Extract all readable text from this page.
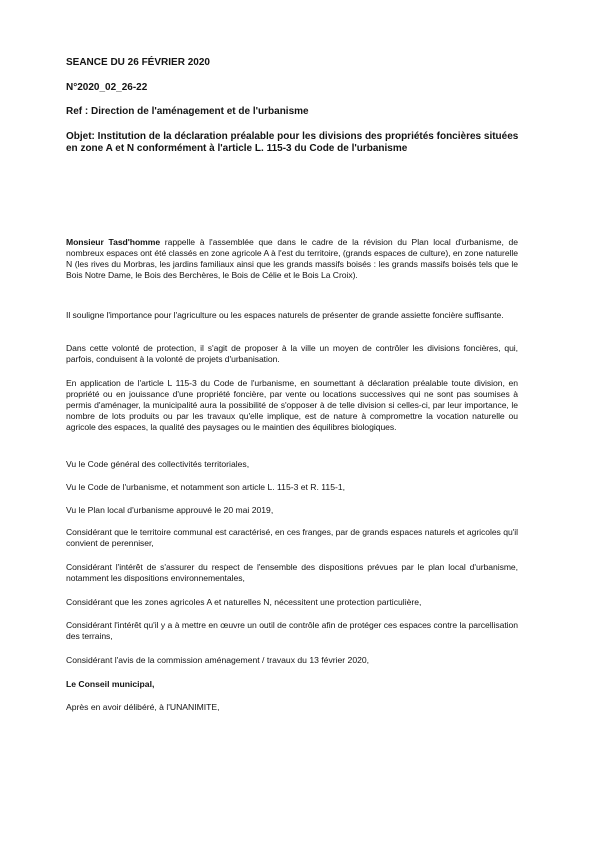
SEANCE DU 26 FÉVRIER 2020
N°2020_02_26-22
Ref : Direction de l'aménagement et de l'urbanisme
Objet: Institution de la déclaration préalable pour les divisions des propriétés foncières situées en zone A et N conformément à l'article L. 115-3 du Code de l'urbanisme
Monsieur Tasd'homme rappelle à l'assemblée que dans le cadre de la révision du Plan local d'urbanisme, de nombreux espaces ont été classés en zone agricole A à l'est du territoire, (grands espaces de culture), en zone naturelle N (les rives du Morbras, les jardins familiaux ainsi que les grands massifs boisés : les grands massifs boisés tels que le Bois Notre Dame, le Bois des Berchères, le Bois de Célie et le Bois La Croix).
Il souligne l'importance pour l'agriculture ou les espaces naturels de présenter de grande assiette foncière suffisante.
Dans cette volonté de protection, il s'agit de proposer à la ville un moyen de contrôler les divisions foncières, qui, parfois, conduisent à la volonté de projets d'urbanisation.
En application de l'article L 115-3 du Code de l'urbanisme, en soumettant à déclaration préalable toute division, en propriété ou en jouissance d'une propriété foncière, par vente ou locations successives qui ne sont pas soumises à permis d'aménager, la municipalité aura la possibilité de s'opposer à de telle division si celles-ci, par leur importance, le nombre de lots produits ou par les travaux qu'elle implique, est de nature à compromettre la vocation naturelle ou agricole des espaces, la qualité des paysages ou le maintien des équilibres biologiques.
Vu le Code général des collectivités territoriales,
Vu le Code de l'urbanisme, et notamment son article L. 115-3 et R. 115-1,
Vu le Plan local d'urbanisme approuvé le 20 mai 2019,
Considérant que le territoire communal est caractérisé, en ces franges, par de grands espaces naturels et agricoles qu'il convient de perenniser,
Considérant l'intérêt de s'assurer du respect de l'ensemble des dispositions prévues par le plan local d'urbanisme, notamment les dispositions environnementales,
Considérant que les zones agricoles A et naturelles N, nécessitent une protection particulière,
Considérant l'intérêt qu'il y a à mettre en œuvre un outil de contrôle afin de protéger ces espaces contre la parcellisation des terrains,
Considérant l'avis de la commission aménagement / travaux du 13 février 2020,
Le Conseil municipal,
Après en avoir délibéré, à l'UNANIMITE,
